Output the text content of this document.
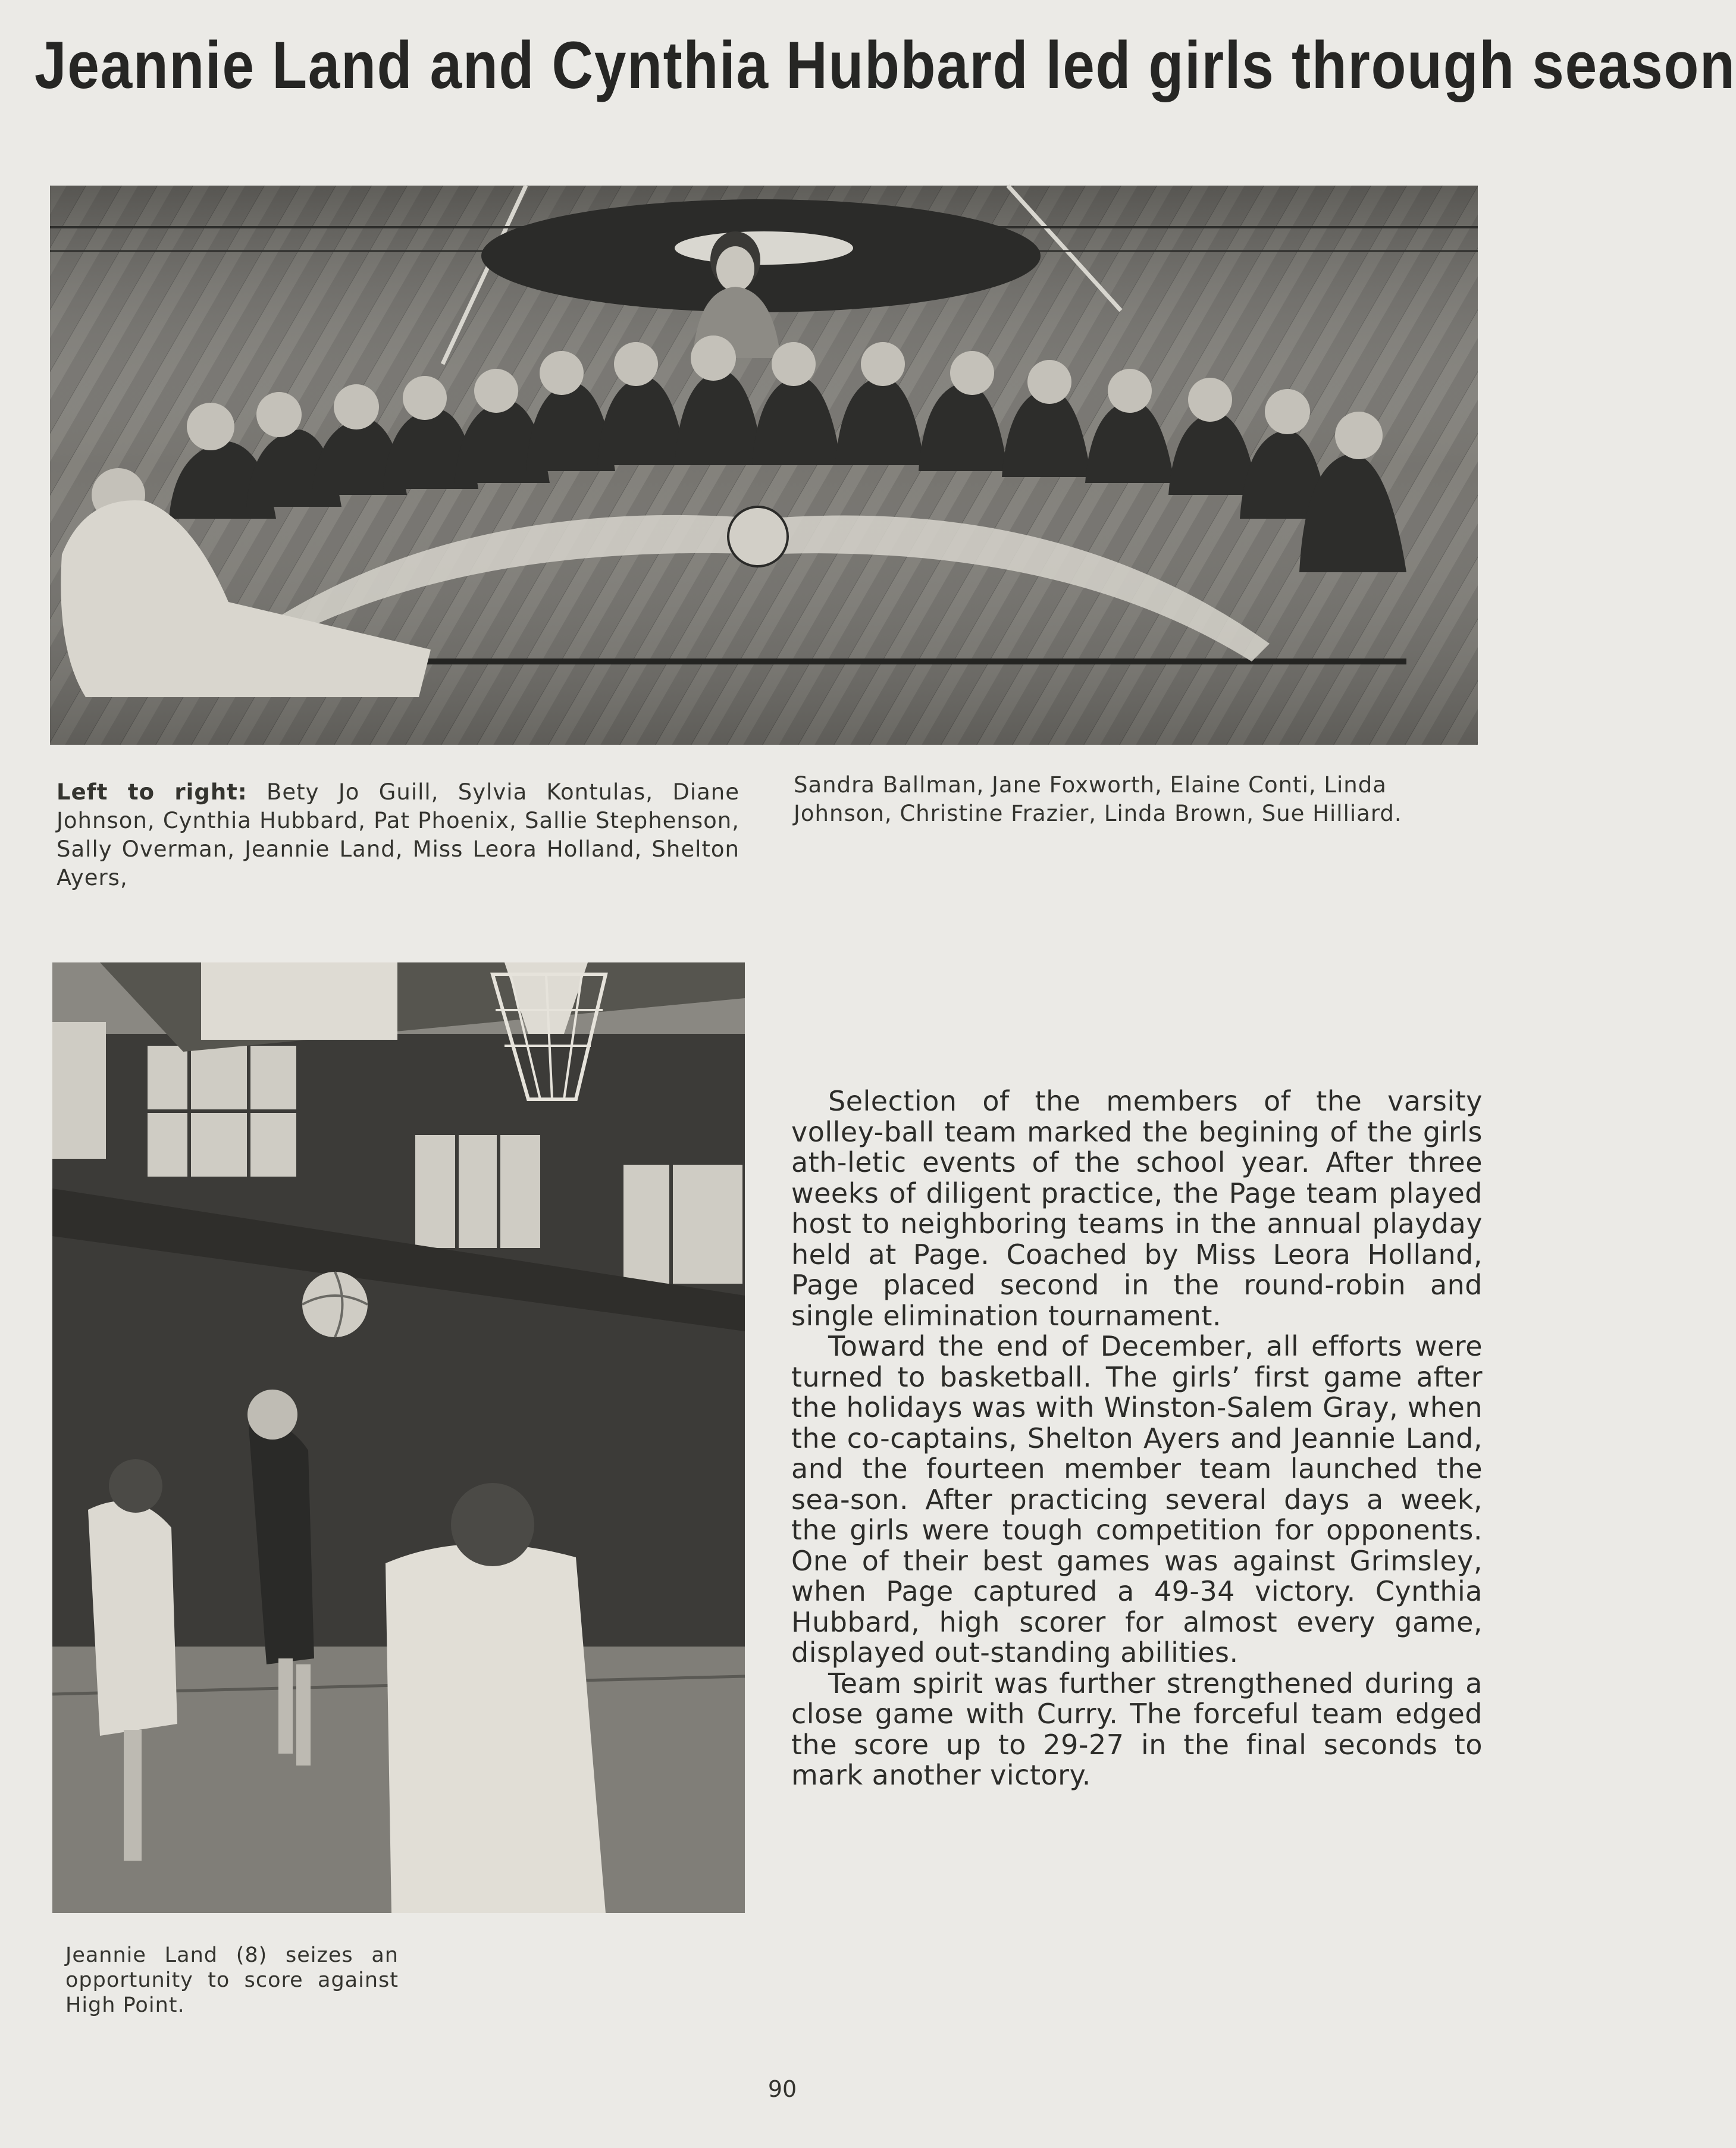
Jeannie Land and Cynthia Hubbard led girls through season
Left to right: Bety Jo Guill, Sylvia Kontulas, Diane Johnson, Cynthia Hubbard, Pat Phoenix, Sallie Stephenson, Sally Overman, Jeannie Land, Miss Leora Holland, Shelton Ayers,
Sandra Ballman, Jane Foxworth, Elaine Conti, Linda Johnson, Christine Frazier, Linda Brown, Sue Hilliard.
Jeannie Land (8) seizes an opportunity to score against High Point.

Selection of the members of the varsity volley-ball team marked the begining of the girls ath-letic events of the school year. After three weeks of diligent practice, the Page team played host to neighboring teams in the annual playday held at Page. Coached by Miss Leora Holland, Page placed second in the round-robin and single elimination tournament.

Toward the end of December, all efforts were turned to basketball. The girls’ first game after the holidays was with Winston-Salem Gray, when the co-captains, Shelton Ayers and Jeannie Land, and the fourteen member team launched the sea-son. After practicing several days a week, the girls were tough competition for opponents. One of their best games was against Grimsley, when Page captured a 49-34 victory. Cynthia Hubbard, high scorer for almost every game, displayed out-standing abilities.

Team spirit was further strengthened during a close game with Curry. The forceful team edged the score up to 29-27 in the final seconds to mark another victory.

90
